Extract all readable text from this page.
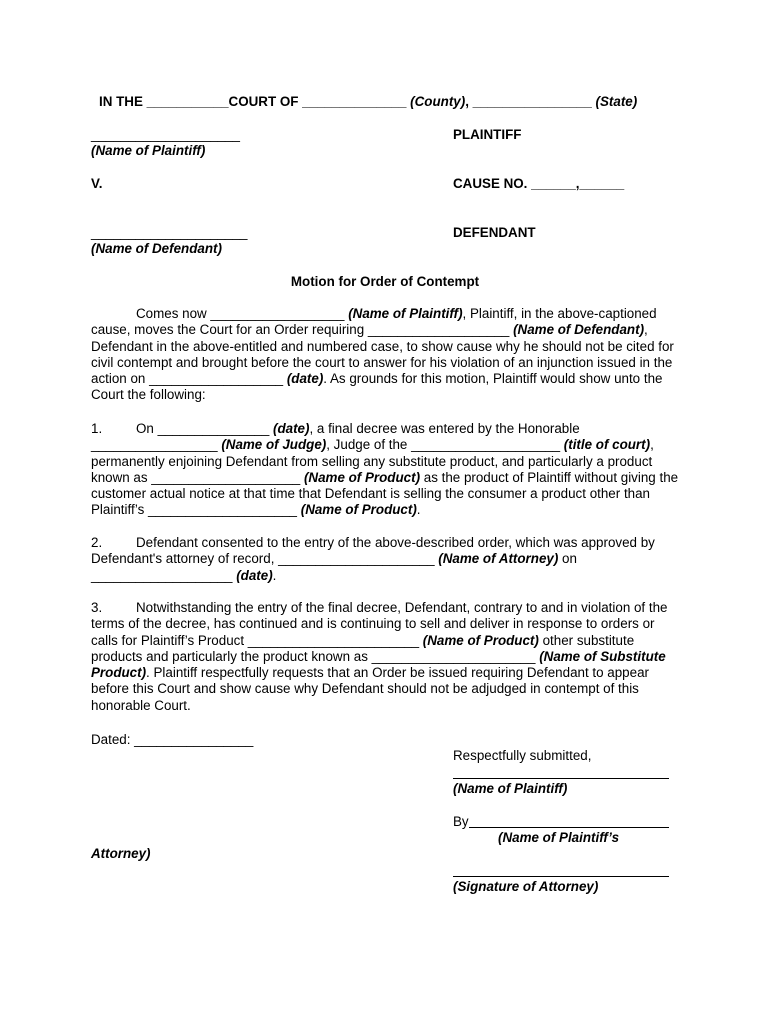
IN THE ___________COURT OF ______________ (County), ________________ (State)
____________________
(Name of Plaintiff)
PLAINTIFF
V.	CAUSE NO. ______,______
_____________________
(Name of Defendant)
DEFENDANT
Motion for Order of Contempt
Comes now __________________ (Name of Plaintiff), Plaintiff, in the above-captioned cause, moves the Court for an Order requiring ___________________ (Name of Defendant), Defendant in the above-entitled and numbered case, to show cause why he should not be cited for civil contempt and brought before the court to answer for his violation of an injunction issued in the action on __________________ (date). As grounds for this motion, Plaintiff would show unto the Court the following:
1.	On _______________ (date), a final decree was entered by the Honorable _________________ (Name of Judge), Judge of the ____________________ (title of court), permanently enjoining Defendant from selling any substitute product, and particularly a product known as ____________________ (Name of Product) as the product of Plaintiff without giving the customer actual notice at that time that Defendant is selling the consumer a product other than Plaintiff’s ____________________ (Name of Product).
2.	Defendant consented to the entry of the above-described order, which was approved by Defendant's attorney of record, _____________________ (Name of Attorney) on ___________________ (date).
3.	Notwithstanding the entry of the final decree, Defendant, contrary to and in violation of the terms of the decree, has continued and is continuing to sell and deliver in response to orders or calls for Plaintiff’s Product _______________________ (Name of Product) other substitute products and particularly the product known as ______________________ (Name of Substitute Product). Plaintiff respectfully requests that an Order be issued requiring Defendant to appear before this Court and show cause why Defendant should not be adjudged in contempt of this honorable Court.
Dated: ________________
Respectfully submitted,
(Name of Plaintiff)
By
(Name of Plaintiff’s
Attorney)
(Signature of Attorney)
